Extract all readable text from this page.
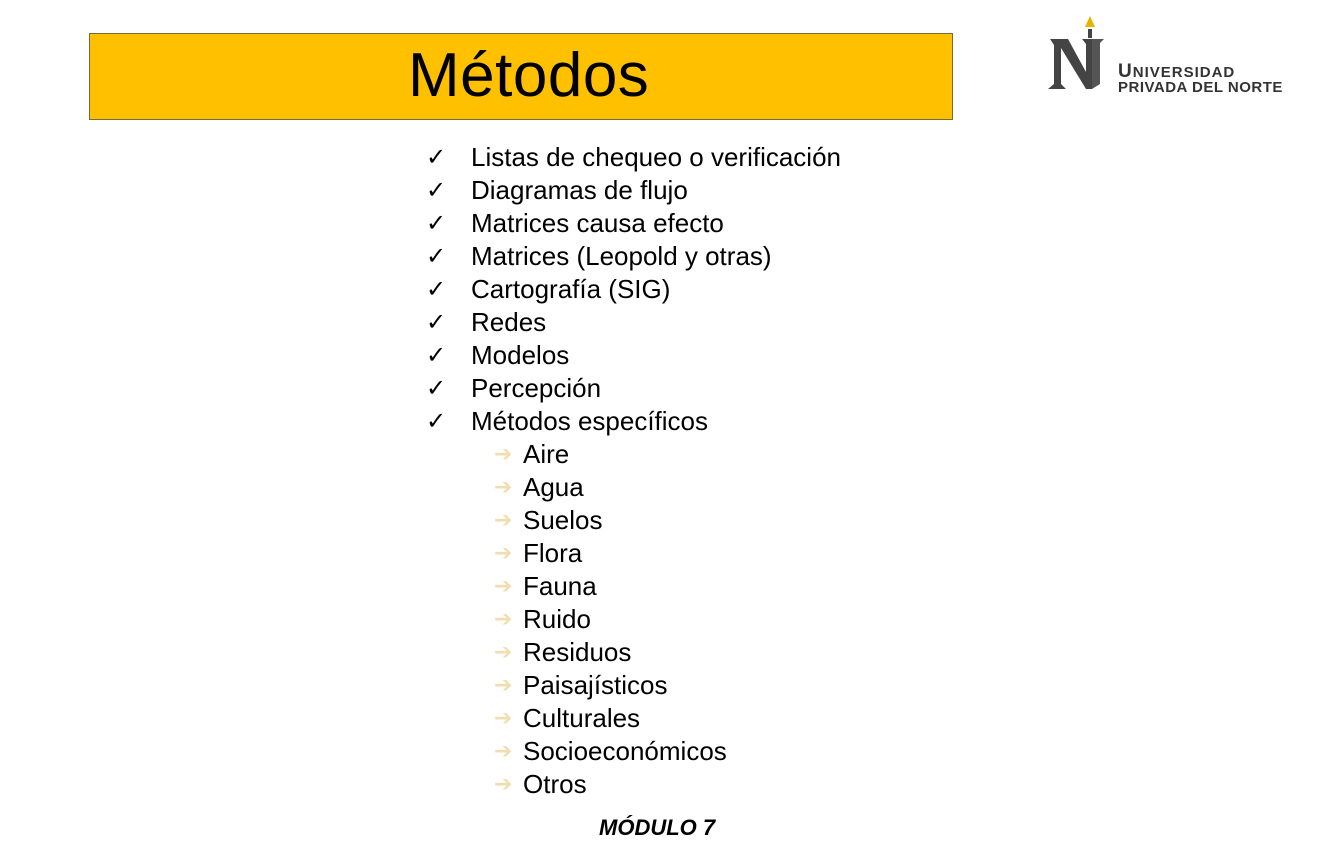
Métodos	UNIVERSIDAD
PRIVADA DEL NORTE
✓ Listas de chequeo o verificación
✓ Diagramas de flujo
✓ Matrices causa efecto
✓ Matrices (Leopold y otras)
✓ Cartografía (SIG)
✓ Redes
✓ Modelos
✓ Percepción
✓ Métodos específicos
➔ Aire
➔ Agua
➔ Suelos
➔ Flora
➔ Fauna
➔ Ruido
➔ Residuos
➔ Paisajísticos
➔ Culturales
➔ Socioeconómicos
➔ Otros
MÓDULO 7
